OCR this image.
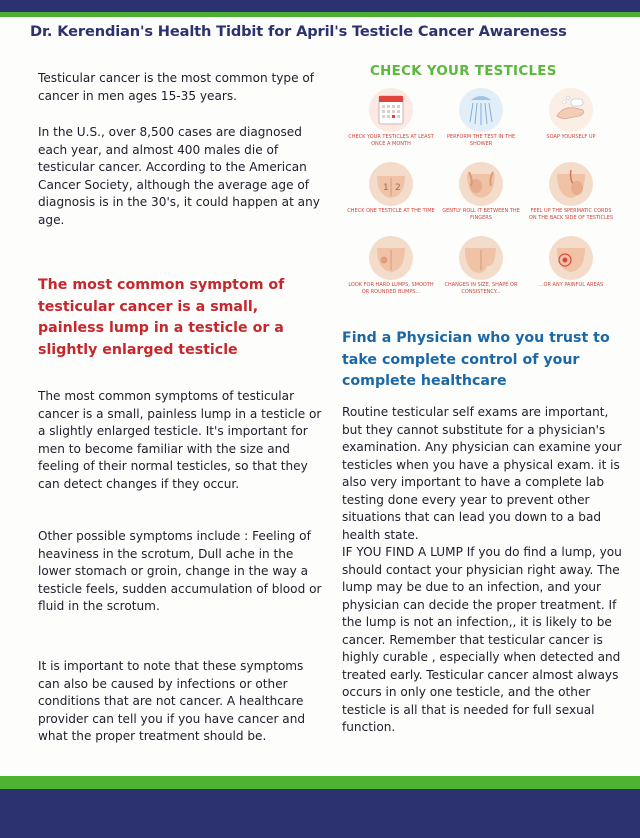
Dr. Kerendian's Health Tidbit for April's Testicle Cancer Awareness

Testicular cancer is the most common type of cancer in men ages 15-35 years.

In the U.S., over 8,500 cases are diagnosed each year, and almost 400 males die of testicular cancer. According to the American Cancer Society, although the average age of diagnosis is in the 30's, it could happen at any age.

The most common symptom of testicular cancer is a small, painless lump in a testicle or a slightly enlarged testicle

The most common symptoms of testicular cancer is a small, painless lump in a testicle or a slightly enlarged testicle. It's important for men to become familiar with the size and feeling of their normal testicles, so that they can detect changes if they occur.

Other possible symptoms include : Feeling of heaviness in the scrotum, Dull ache in the lower stomach or groin, change in the way a testicle feels, sudden accumulation of blood or fluid in the scrotum.

It is important to note that these symptoms can also be caused by infections or other conditions that are not cancer. A healthcare provider can tell you if you have cancer and what the proper treatment should be.

CHECK YOUR TESTICLES
CHECK YOUR TESTICLES AT LEAST ONCE A MONTH
PERFORM THE TEST IN THE SHOWER
SOAP YOURSELF UP
1 2
CHECK ONE TESTICLE AT THE TIME	GENTLY ROLL IT BETWEEN THE FINGERS
FEEL UP THE SPERMATIC CORDS ON THE BACK SIDE OF TESTICLES
LOOK FOR HARD LUMPS, SMOOTH OR ROUNDED BUMPS...
CHANGES IN SIZE, SHAPE OR CONSISTENCY...
...OR ANY PAINFUL AREAS
Find a Physician who you trust to take complete control of your complete healthcare

Routine testicular self exams are important, but they cannot substitute for a physician's examination. Any physician can examine your testicles when you have a physical exam. it is also very important to have a complete lab testing done every year to prevent other situations that can lead you down to a bad health state.

IF YOU FIND A LUMP If you do find a lump, you should contact your physician right away. The lump may be due to an infection, and your physician can decide the proper treatment. If the lump is not an infection,, it is likely to be cancer. Remember that testicular cancer is highly curable , especially when detected and treated early. Testicular cancer almost always occurs in only one testicle, and the other testicle is all that is needed for full sexual function.
